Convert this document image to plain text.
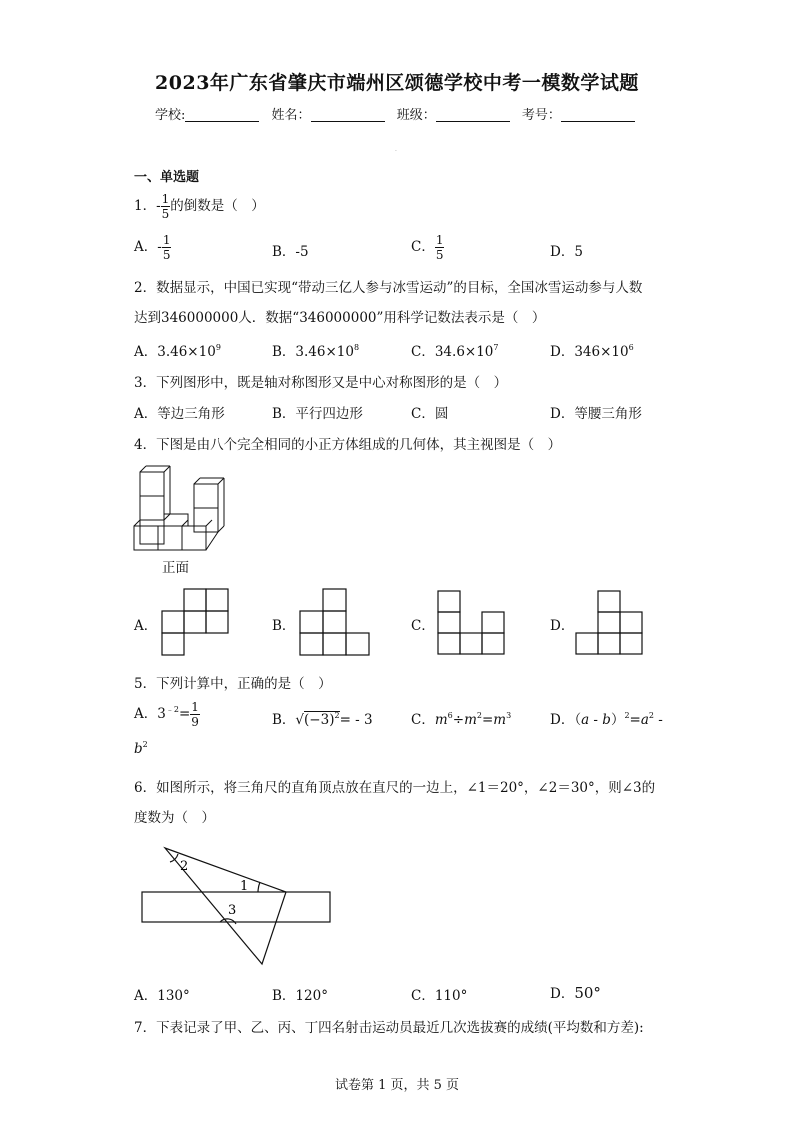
2023年广东省肇庆市端州区颂德学校中考一模数学试题
学校:	姓名：	班级：	考号：
·
一、单选题
1．- $\frac{1}{5}$ 的倒数是（　）
A．- $\frac{1}{5}$	B．-5	C． $\frac{1}{5}$	D．5
2．数据显示，中国已实现“带动三亿人参与冰雪运动”的目标，全国冰雪运动参与人数
达到346000000人．数据“346000000”用科学记数法表示是（　）
A．$3.46\times 10^9$	B．$3.46\times 10^8$	C．$34.6\times 10^7$	D．$346\times 10^6$
3．下列图形中，既是轴对称图形又是中心对称图形的是（　）
A．等边三角形	B．平行四边形	C．圆	D．等腰三角形
4．下图是由八个完全相同的小正方体组成的几何体，其主视图是（　）
正面
A．	B．	C．	D．
5．下列计算中，正确的是（　）
A．$3^{﹣2}= \frac{1}{9}$	B．$√(-3)^2= - 3$	C．$m^6\div m^2=m^3$	D．$(a - b)^2=a^2$ -
$b^2$
6．如图所示，将三角尺的直角顶点放在直尺的一边上，∠1＝20°，∠2＝30°，则∠3的
度数为（　）
2
1
3
A．130°	B．120°	C．110°	D．50°
7．下表记录了甲、乙、丙、丁四名射击运动员最近几次选拔赛的成绩(平均数和方差):
试卷第 1 页，共 5 页
